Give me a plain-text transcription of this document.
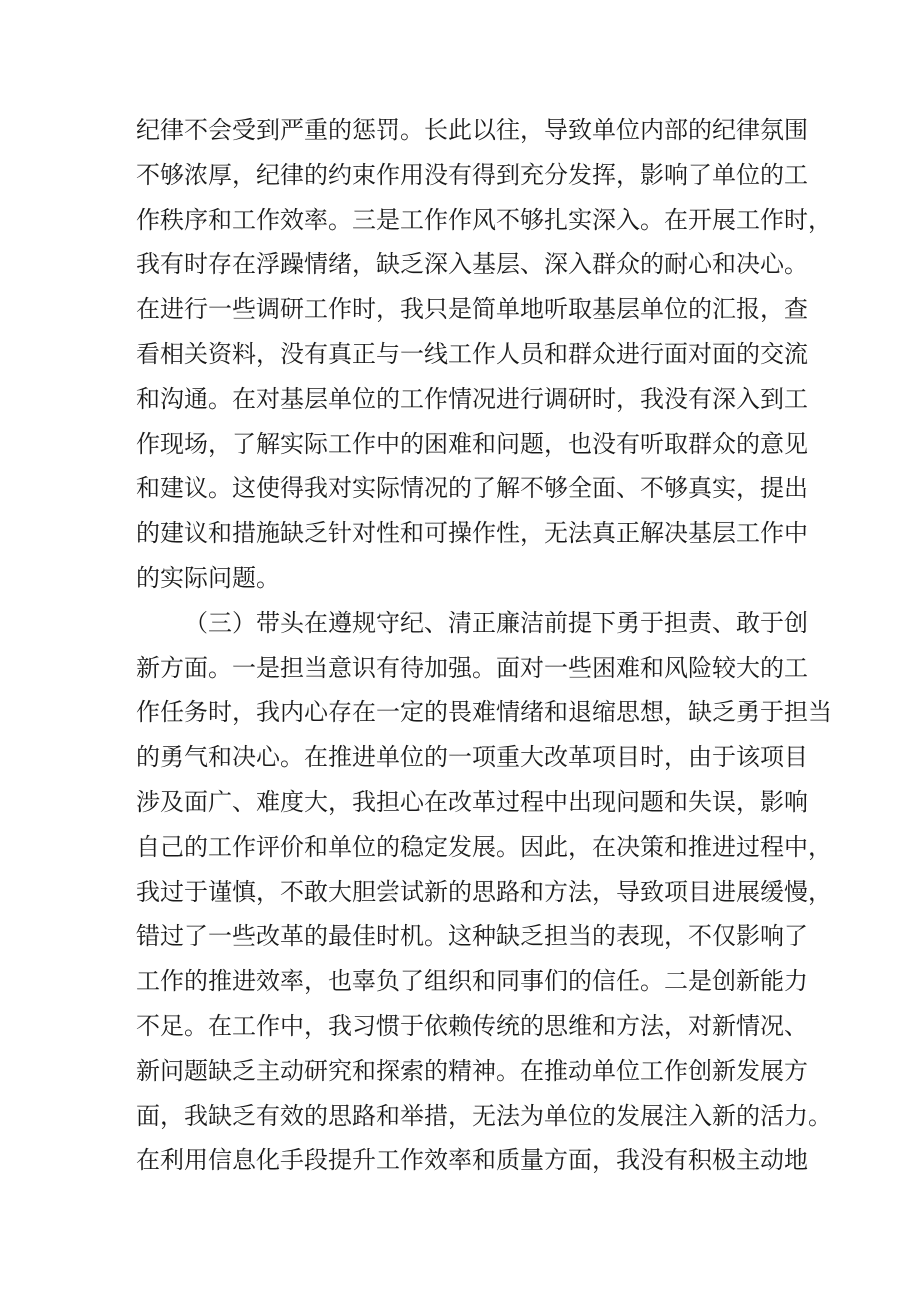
纪律不会受到严重的惩罚。长此以往，导致单位内部的纪律氛围
不够浓厚，纪律的约束作用没有得到充分发挥，影响了单位的工
作秩序和工作效率。三是工作作风不够扎实深入。在开展工作时，
我有时存在浮躁情绪，缺乏深入基层、深入群众的耐心和决心。
在进行一些调研工作时，我只是简单地听取基层单位的汇报，查
看相关资料，没有真正与一线工作人员和群众进行面对面的交流
和沟通。在对基层单位的工作情况进行调研时，我没有深入到工
作现场，了解实际工作中的困难和问题，也没有听取群众的意见
和建议。这使得我对实际情况的了解不够全面、不够真实，提出
的建议和措施缺乏针对性和可操作性，无法真正解决基层工作中
的实际问题。
（三）带头在遵规守纪、清正廉洁前提下勇于担责、敢于创
新方面。一是担当意识有待加强。面对一些困难和风险较大的工
作任务时，我内心存在一定的畏难情绪和退缩思想，缺乏勇于担当
的勇气和决心。在推进单位的一项重大改革项目时，由于该项目
涉及面广、难度大，我担心在改革过程中出现问题和失误，影响
自己的工作评价和单位的稳定发展。因此，在决策和推进过程中，
我过于谨慎，不敢大胆尝试新的思路和方法，导致项目进展缓慢，
错过了一些改革的最佳时机。这种缺乏担当的表现，不仅影响了
工作的推进效率，也辜负了组织和同事们的信任。二是创新能力
不足。在工作中，我习惯于依赖传统的思维和方法，对新情况、
新问题缺乏主动研究和探索的精神。在推动单位工作创新发展方
面，我缺乏有效的思路和举措，无法为单位的发展注入新的活力。
在利用信息化手段提升工作效率和质量方面，我没有积极主动地
